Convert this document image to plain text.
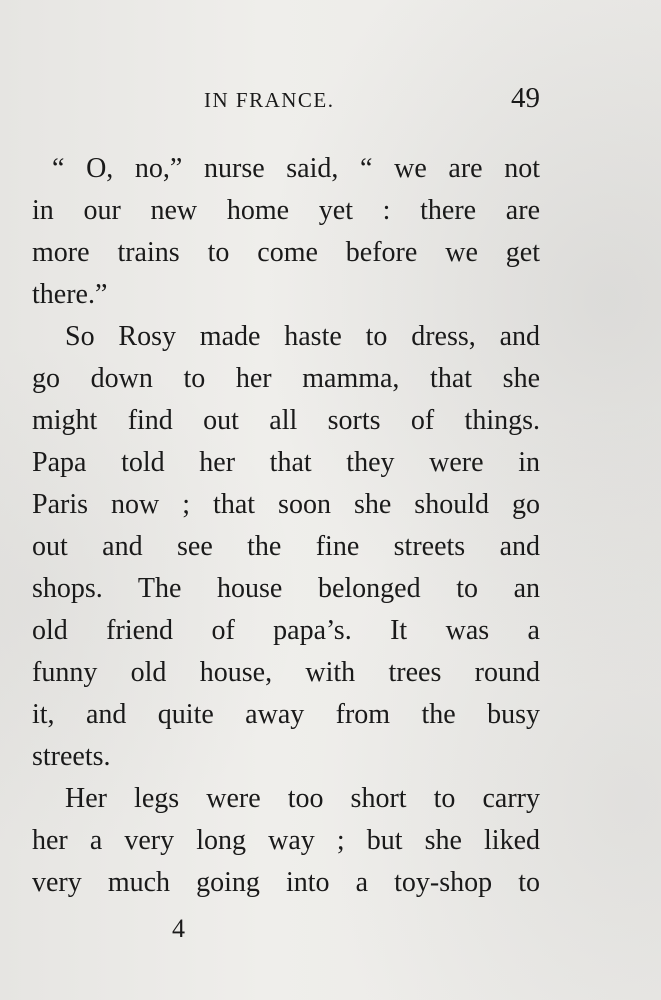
IN FRANCE.	49
“ O, no,” nurse said, “ we are not
in our new home yet : there are
more trains to come before we get
there.”
So Rosy made haste to dress, and
go down to her mamma, that she
might find out all sorts of things.
Papa told her that they were in
Paris now ; that soon she should go
out and see the fine streets and
shops. The house belonged to an
old friend of papa’s. It was a
funny old house, with trees round
it, and quite away from the busy
streets.
Her legs were too short to carry
her a very long way ; but she liked
very much going into a toy-shop to
4
